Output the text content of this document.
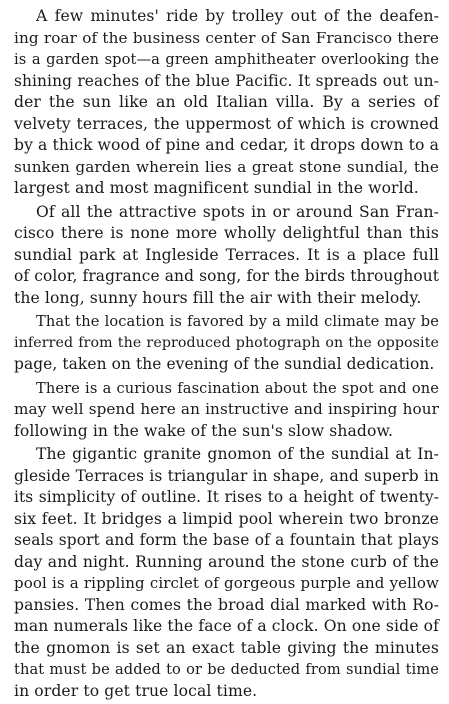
A few minutes' ride by trolley out of the deafen-
ing roar of the business center of San Francisco there
is a garden spot—a green amphitheater overlooking the
shining reaches of the blue Pacific. It spreads out un-
der the sun like an old Italian villa. By a series of
velvety terraces, the uppermost of which is crowned
by a thick wood of pine and cedar, it drops down to a
sunken garden wherein lies a great stone sundial, the
largest and most magnificent sundial in the world.
Of all the attractive spots in or around San Fran-
cisco there is none more wholly delightful than this
sundial park at Ingleside Terraces. It is a place full
of color, fragrance and song, for the birds throughout
the long, sunny hours fill the air with their melody.
That the location is favored by a mild climate may be
inferred from the reproduced photograph on the opposite
page, taken on the evening of the sundial dedication.
There is a curious fascination about the spot and one
may well spend here an instructive and inspiring hour
following in the wake of the sun's slow shadow.
The gigantic granite gnomon of the sundial at In-
gleside Terraces is triangular in shape, and superb in
its simplicity of outline. It rises to a height of twenty-
six feet. It bridges a limpid pool wherein two bronze
seals sport and form the base of a fountain that plays
day and night. Running around the stone curb of the
pool is a rippling circlet of gorgeous purple and yellow
pansies. Then comes the broad dial marked with Ro-
man numerals like the face of a clock. On one side of
the gnomon is set an exact table giving the minutes
that must be added to or be deducted from sundial time
in order to get true local time.
